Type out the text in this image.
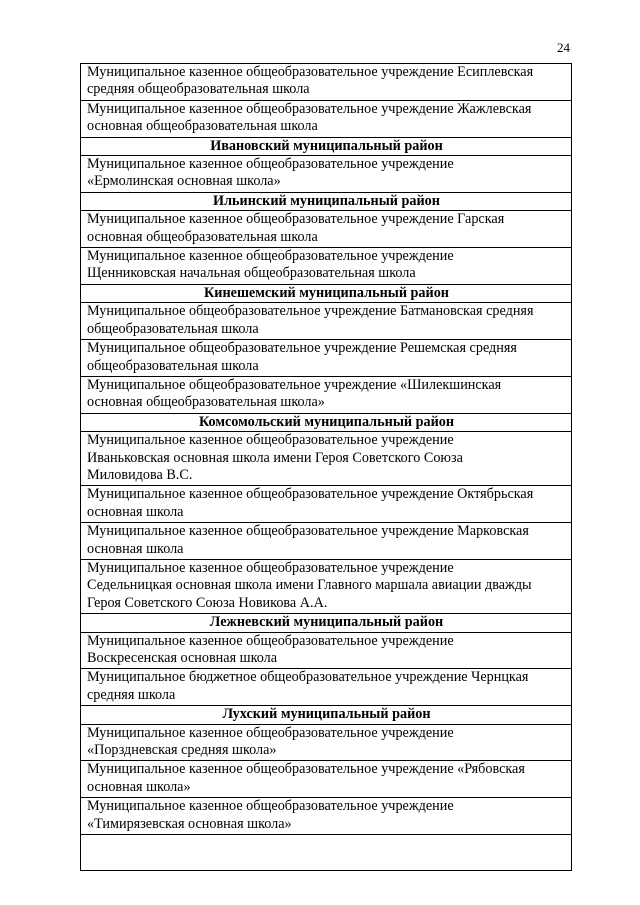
24
Муниципальное казенное общеобразовательное учреждение Есиплевская
средняя общеобразовательная школа
Муниципальное казенное общеобразовательное учреждение Жажлевская
основная общеобразовательная школа
Ивановский муниципальный район
Муниципальное казенное общеобразовательное учреждение
«Ермолинская основная школа»
Ильинский муниципальный район
Муниципальное казенное общеобразовательное учреждение Гарская
основная общеобразовательная школа
Муниципальное казенное общеобразовательное учреждение
Щенниковская начальная общеобразовательная школа
Кинешемский муниципальный район
Муниципальное общеобразовательное учреждение Батмановская средняя
общеобразовательная школа
Муниципальное общеобразовательное учреждение Решемская средняя
общеобразовательная школа
Муниципальное общеобразовательное учреждение «Шилекшинская
основная общеобразовательная школа»
Комсомольский муниципальный район
Муниципальное казенное общеобразовательное учреждение
Иваньковская основная школа имени Героя Советского Союза
Миловидова В.С.
Муниципальное казенное общеобразовательное учреждение Октябрьская
основная школа
Муниципальное казенное общеобразовательное учреждение Марковская
основная школа
Муниципальное казенное общеобразовательное учреждение
Седельницкая основная школа имени Главного маршала авиации дважды
Героя Советского Союза Новикова А.А.
Лежневский муниципальный район
Муниципальное казенное общеобразовательное учреждение
Воскресенская основная школа
Муниципальное бюджетное общеобразовательное учреждение Чернцкая
средняя школа
Лухский муниципальный район
Муниципальное казенное общеобразовательное учреждение
«Порздневская средняя школа»
Муниципальное казенное общеобразовательное учреждение «Рябовская
основная школа»
Муниципальное казенное общеобразовательное учреждение
«Тимирязевская основная школа»
